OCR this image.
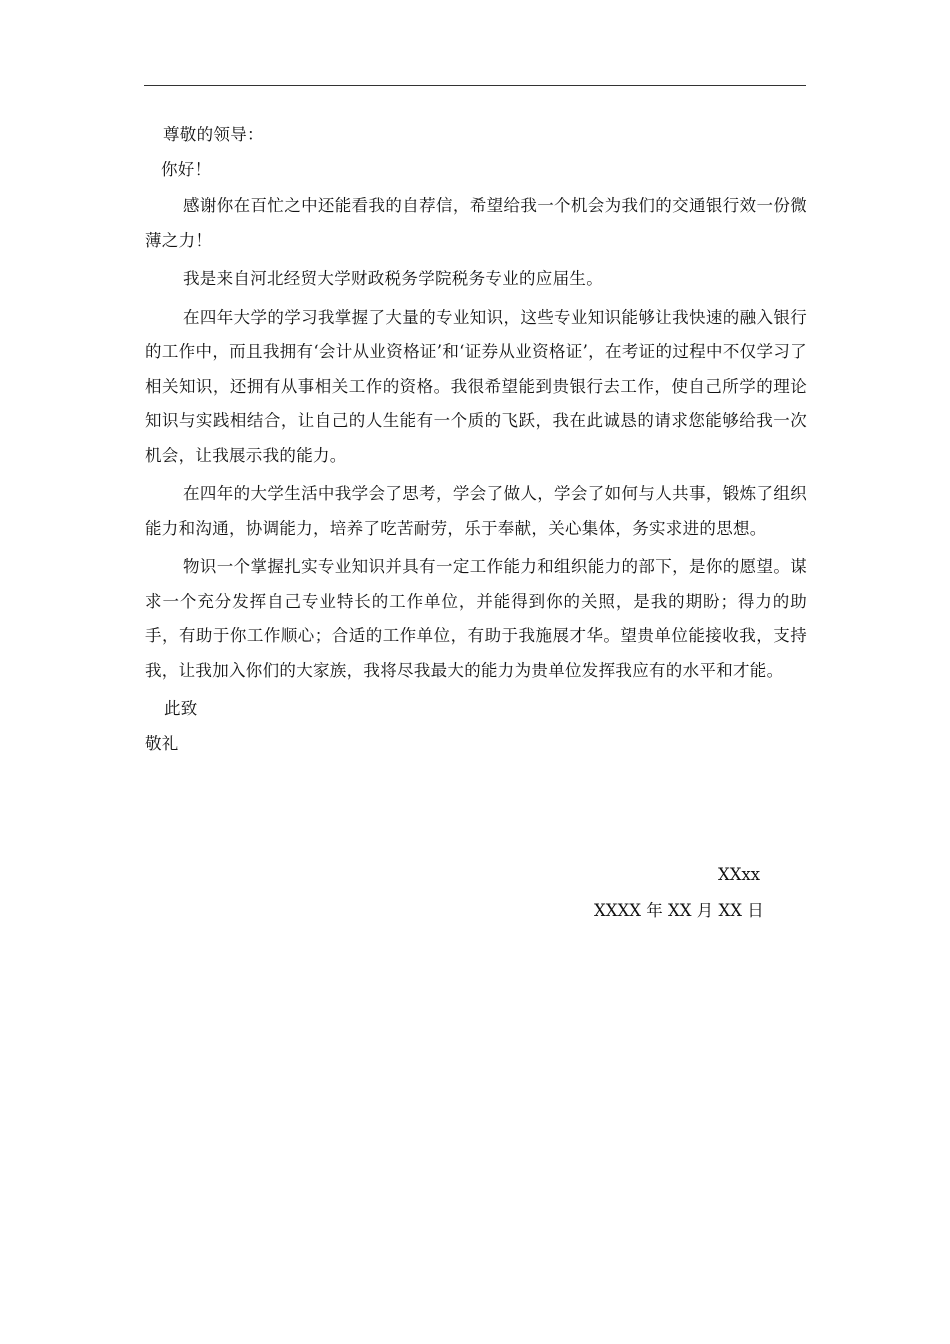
尊敬的领导：

你好！

感谢你在百忙之中还能看我的自荐信，希望给我一个机会为我们的交通银行效一份微薄之力！

我是来自河北经贸大学财政税务学院税务专业的应届生。

在四年大学的学习我掌握了大量的专业知识，这些专业知识能够让我快速的融入银行的工作中，而且我拥有‘会计从业资格证’和‘证券从业资格证’，在考证的过程中不仅学习了相关知识，还拥有从事相关工作的资格。我很希望能到贵银行去工作，使自己所学的理论知识与实践相结合，让自己的人生能有一个质的飞跃，我在此诚恳的请求您能够给我一次机会，让我展示我的能力。

在四年的大学生活中我学会了思考，学会了做人，学会了如何与人共事，锻炼了组织能力和沟通，协调能力，培养了吃苦耐劳，乐于奉献，关心集体，务实求进的思想。

物识一个掌握扎实专业知识并具有一定工作能力和组织能力的部下，是你的愿望。谋求一个充分发挥自己专业特长的工作单位，并能得到你的关照，是我的期盼；得力的助手，有助于你工作顺心；合适的工作单位，有助于我施展才华。望贵单位能接收我，支持我，让我加入你们的大家族，我将尽我最大的能力为贵单位发挥我应有的水平和才能。

此致

敬礼

XXxx
XXXX 年 XX 月 XX 日
